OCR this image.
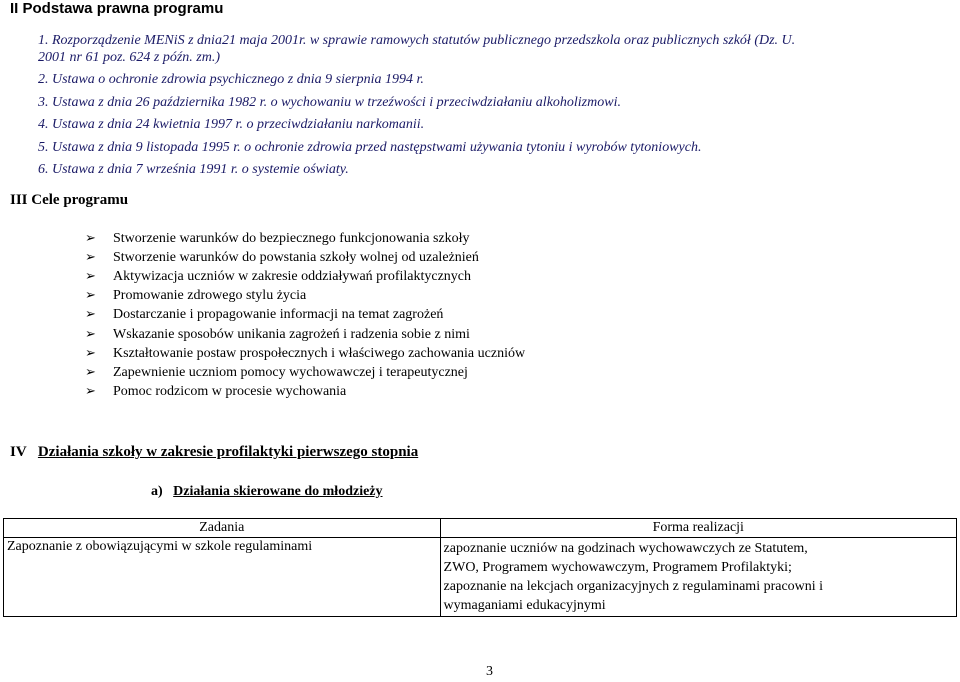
II Podstawa prawna programu
1. Rozporządzenie MENiS z dnia21 maja 2001r. w sprawie ramowych statutów publicznego przedszkola oraz publicznych szkół (Dz. U.
2001 nr 61 poz. 624 z późn. zm.)
2. Ustawa o ochronie zdrowia psychicznego z dnia 9 sierpnia 1994 r.
3. Ustawa z dnia 26 października 1982 r. o wychowaniu w trzeźwości i przeciwdziałaniu alkoholizmowi.
4. Ustawa z dnia 24 kwietnia 1997 r. o przeciwdziałaniu narkomanii.
5. Ustawa z dnia 9 listopada 1995 r. o ochronie zdrowia przed następstwami używania tytoniu i wyrobów tytoniowych.
6. Ustawa z dnia 7 września 1991 r. o systemie oświaty.
III Cele programu
➢ Stworzenie warunków do bezpiecznego funkcjonowania szkoły
➢ Stworzenie warunków do powstania szkoły wolnej od uzależnień
➢ Aktywizacja uczniów w zakresie oddziaływań profilaktycznych
➢ Promowanie zdrowego stylu życia
➢ Dostarczanie i propagowanie informacji na temat zagrożeń
➢ Wskazanie sposobów unikania zagrożeń i radzenia sobie z nimi
➢ Kształtowanie postaw prospołecznych i właściwego zachowania uczniów
➢ Zapewnienie uczniom pomocy wychowawczej i terapeutycznej
➢ Pomoc rodzicom w procesie wychowania
IV Działania szkoły w zakresie profilaktyki pierwszego stopnia
a) Działania skierowane do młodzieży
Zadania	Forma realizacji
Zapoznanie z obowiązującymi w szkole regulaminami	zapoznanie uczniów na godzinach wychowawczych ze Statutem,
ZWO, Programem wychowawczym, Programem Profilaktyki;
zapoznanie na lekcjach organizacyjnych z regulaminami pracowni i
wymaganiami edukacyjnymi
3
